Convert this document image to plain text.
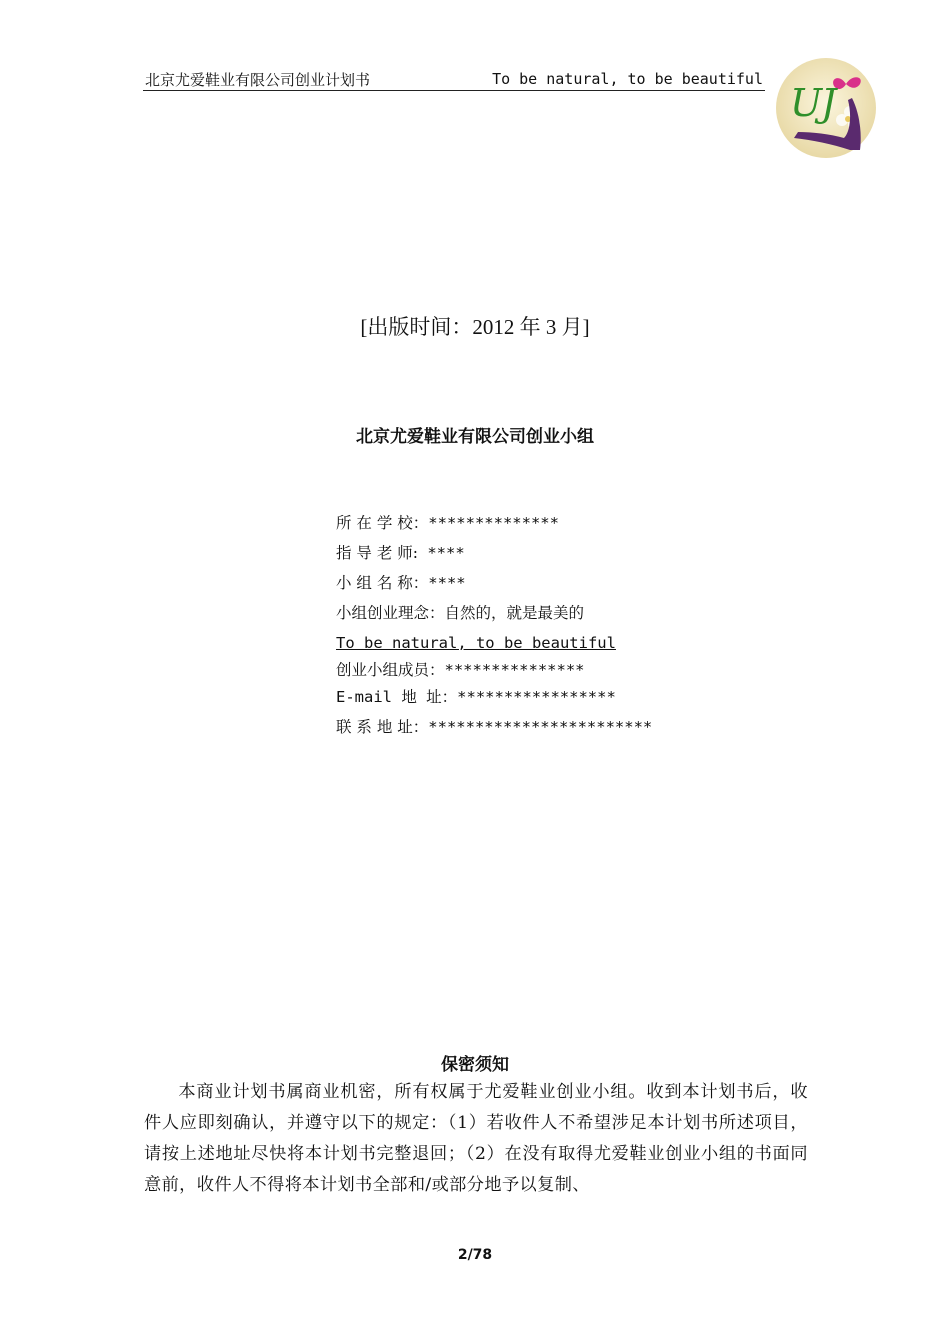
北京尤爱鞋业有限公司创业计划书	To be natural, to be beautiful
UJ
[出版时间：2012 年 3 月]
北京尤爱鞋业有限公司创业小组
所 在 学 校：**************
指 导 老 师: ****
小 组 名 称：****
小组创业理念：自然的，就是最美的
To be natural, to be beautiful
创业小组成员：***************
E-mail 地 址：*****************
联 系 地 址：************************
保密须知
本商业计划书属商业机密，所有权属于尤爱鞋业创业小组。收到本计划书后，收件人应即刻确认，并遵守以下的规定：（1）若收件人不希望涉足本计划书所述项目，请按上述地址尽快将本计划书完整退回；（2）在没有取得尤爱鞋业创业小组的书面同意前，收件人不得将本计划书全部和/或部分地予以复制、
2/78
